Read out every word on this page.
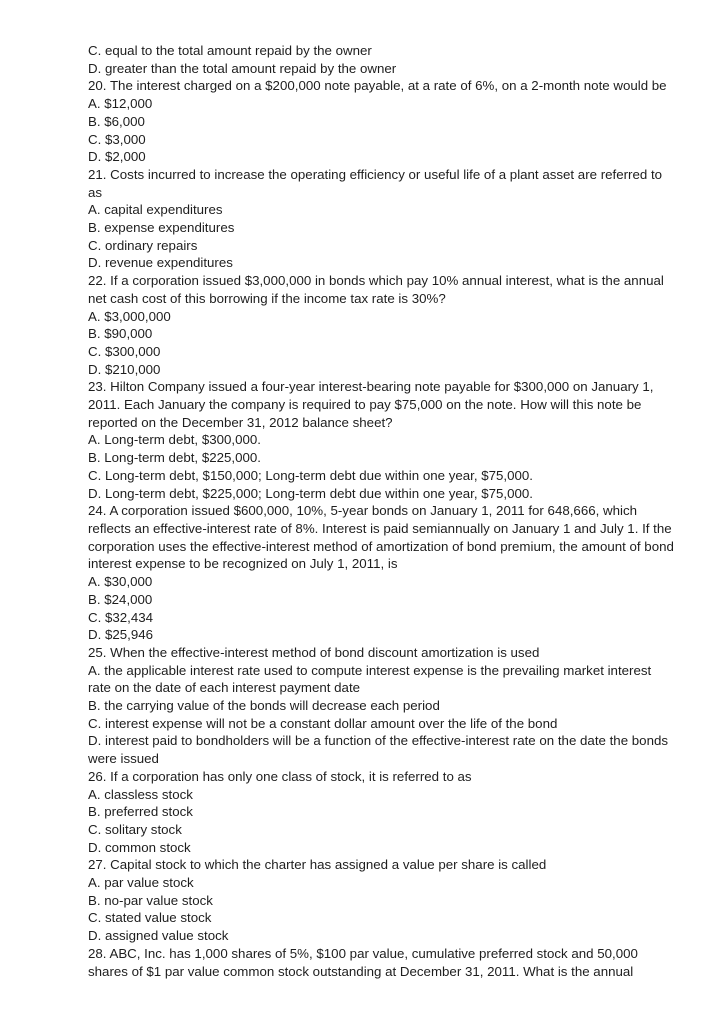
C. equal to the total amount repaid by the owner
D. greater than the total amount repaid by the owner
20. The interest charged on a $200,000 note payable, at a rate of 6%, on a 2-month note would be
A. $12,000
B. $6,000
C. $3,000
D. $2,000
21. Costs incurred to increase the operating efficiency or useful life of a plant asset are referred to
as
A. capital expenditures
B. expense expenditures
C. ordinary repairs
D. revenue expenditures
22. If a corporation issued $3,000,000 in bonds which pay 10% annual interest, what is the annual
net cash cost of this borrowing if the income tax rate is 30%?
A. $3,000,000
B. $90,000
C. $300,000
D. $210,000
23. Hilton Company issued a four-year interest-bearing note payable for $300,000 on January 1,
2011. Each January the company is required to pay $75,000 on the note. How will this note be
reported on the December 31, 2012 balance sheet?
A. Long-term debt, $300,000.
B. Long-term debt, $225,000.
C. Long-term debt, $150,000; Long-term debt due within one year, $75,000.
D. Long-term debt, $225,000; Long-term debt due within one year, $75,000.
24. A corporation issued $600,000, 10%, 5-year bonds on January 1, 2011 for 648,666, which
reflects an effective-interest rate of 8%. Interest is paid semiannually on January 1 and July 1. If the
corporation uses the effective-interest method of amortization of bond premium, the amount of bond
interest expense to be recognized on July 1, 2011, is
A. $30,000
B. $24,000
C. $32,434
D. $25,946
25. When the effective-interest method of bond discount amortization is used
A. the applicable interest rate used to compute interest expense is the prevailing market interest
rate on the date of each interest payment date
B. the carrying value of the bonds will decrease each period
C. interest expense will not be a constant dollar amount over the life of the bond
D. interest paid to bondholders will be a function of the effective-interest rate on the date the bonds
were issued
26. If a corporation has only one class of stock, it is referred to as
A. classless stock
B. preferred stock
C. solitary stock
D. common stock
27. Capital stock to which the charter has assigned a value per share is called
A. par value stock
B. no-par value stock
C. stated value stock
D. assigned value stock
28. ABC, Inc. has 1,000 shares of 5%, $100 par value, cumulative preferred stock and 50,000
shares of $1 par value common stock outstanding at December 31, 2011. What is the annual
